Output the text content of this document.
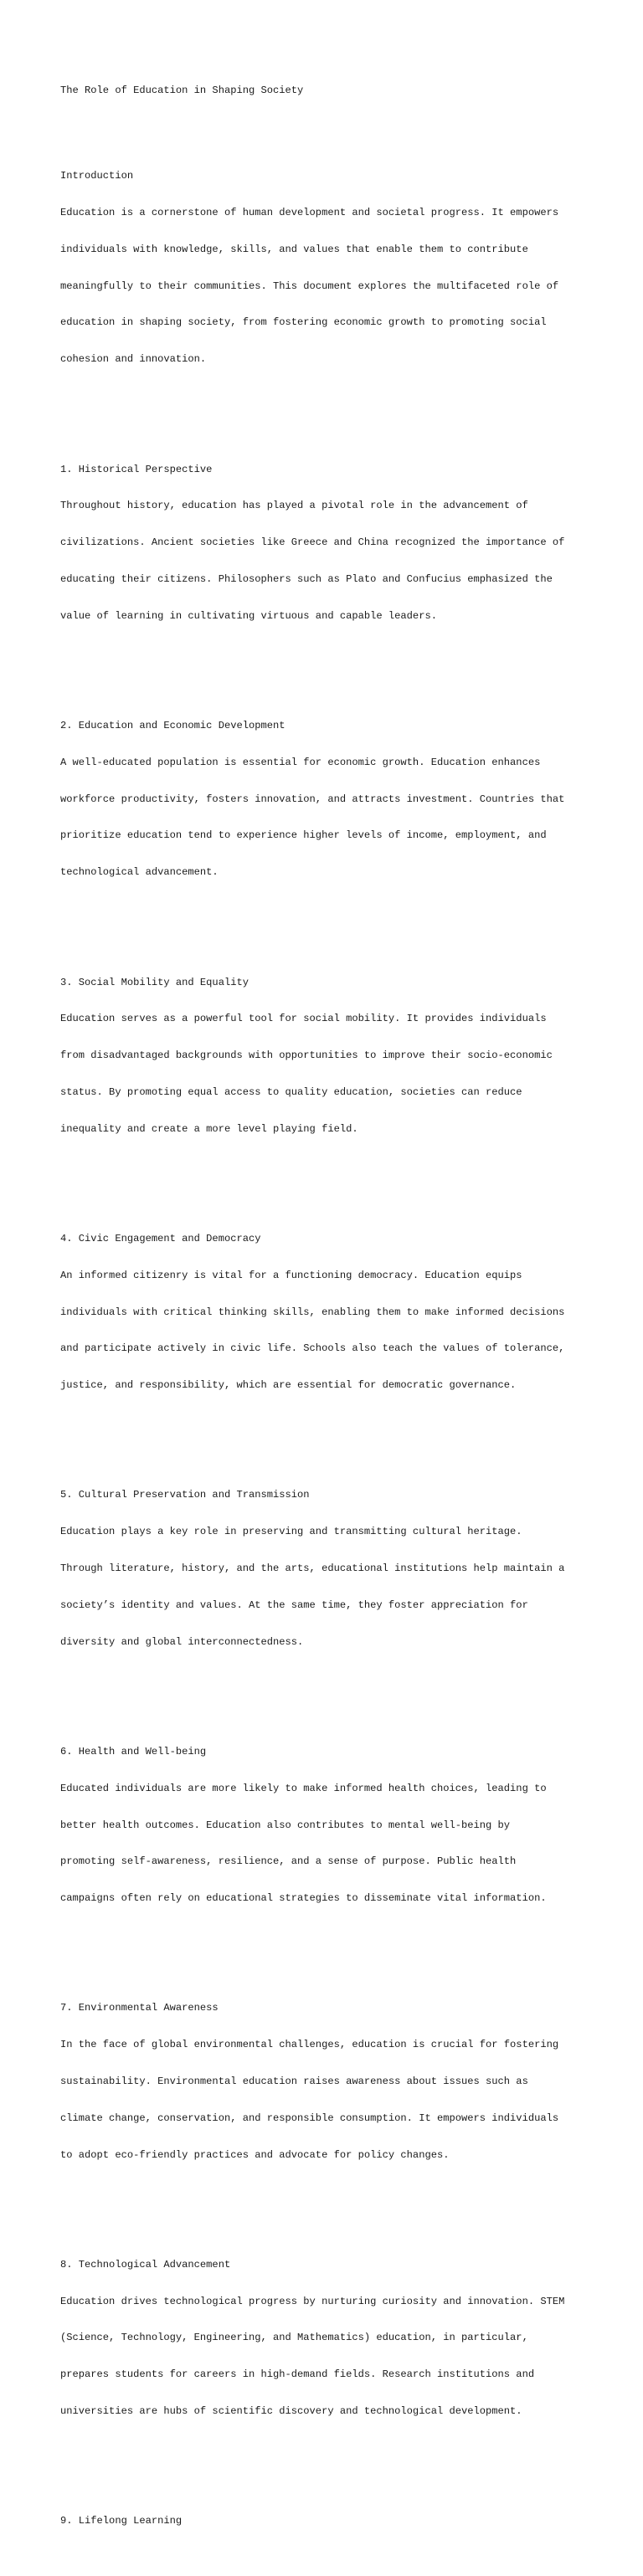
The Role of Education in Shaping Society

Introduction

Education is a cornerstone of human development and societal progress. It empowers

individuals with knowledge, skills, and values that enable them to contribute

meaningfully to their communities. This document explores the multifaceted role of

education in shaping society, from fostering economic growth to promoting social

cohesion and innovation.

1. Historical Perspective

Throughout history, education has played a pivotal role in the advancement of

civilizations. Ancient societies like Greece and China recognized the importance of

educating their citizens. Philosophers such as Plato and Confucius emphasized the

value of learning in cultivating virtuous and capable leaders.

2. Education and Economic Development

A well-educated population is essential for economic growth. Education enhances

workforce productivity, fosters innovation, and attracts investment. Countries that

prioritize education tend to experience higher levels of income, employment, and

technological advancement.

3. Social Mobility and Equality

Education serves as a powerful tool for social mobility. It provides individuals

from disadvantaged backgrounds with opportunities to improve their socio-economic

status. By promoting equal access to quality education, societies can reduce

inequality and create a more level playing field.

4. Civic Engagement and Democracy

An informed citizenry is vital for a functioning democracy. Education equips

individuals with critical thinking skills, enabling them to make informed decisions

and participate actively in civic life. Schools also teach the values of tolerance,

justice, and responsibility, which are essential for democratic governance.

5. Cultural Preservation and Transmission

Education plays a key role in preserving and transmitting cultural heritage.

Through literature, history, and the arts, educational institutions help maintain a

society’s identity and values. At the same time, they foster appreciation for

diversity and global interconnectedness.

6. Health and Well-being

Educated individuals are more likely to make informed health choices, leading to

better health outcomes. Education also contributes to mental well-being by

promoting self-awareness, resilience, and a sense of purpose. Public health

campaigns often rely on educational strategies to disseminate vital information.

7. Environmental Awareness

In the face of global environmental challenges, education is crucial for fostering

sustainability. Environmental education raises awareness about issues such as

climate change, conservation, and responsible consumption. It empowers individuals

to adopt eco-friendly practices and advocate for policy changes.

8. Technological Advancement

Education drives technological progress by nurturing curiosity and innovation. STEM

(Science, Technology, Engineering, and Mathematics) education, in particular,

prepares students for careers in high-demand fields. Research institutions and

universities are hubs of scientific discovery and technological development.

9. Lifelong Learning
